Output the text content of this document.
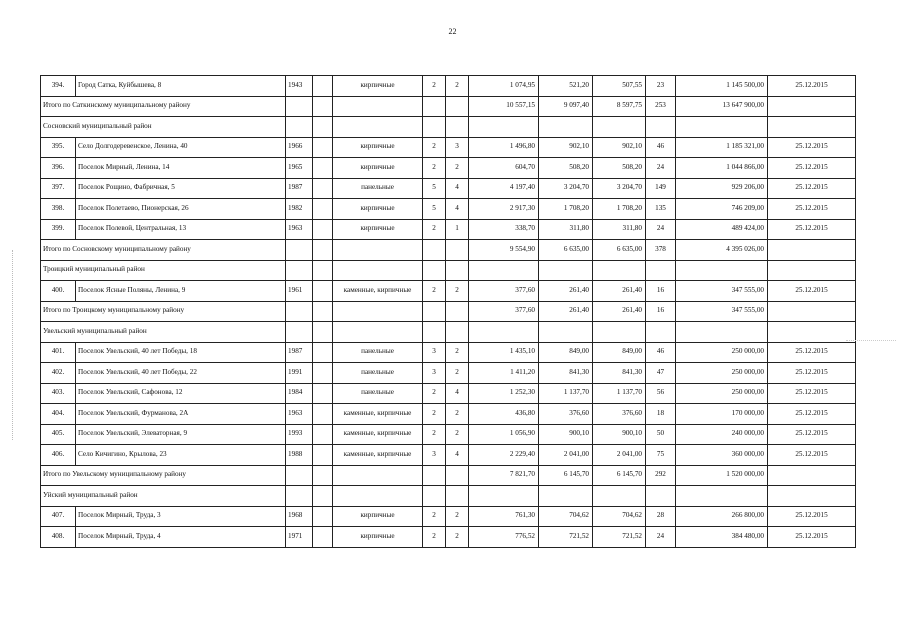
22
394.	Город Сатка, Куйбышева, 8	1943		кирпичные	2	2	1 074,95	521,20	507,55	23	1 145 500,00	25.12.2015
Итого по Саткинскому муниципальному району							10 557,15	9 097,40	8 597,75	253	13 647 900,00	
Сосновский муниципальный район												
395.	Село Долгодеревенское, Ленина, 40	1966		кирпичные	2	3	1 496,80	902,10	902,10	46	1 185 321,00	25.12.2015
396.	Поселок Мирный, Ленина, 14	1965		кирпичные	2	2	604,70	508,20	508,20	24	1 044 866,00	25.12.2015
397.	Поселок Рощино, Фабричная, 5	1987		панельные	5	4	4 197,40	3 204,70	3 204,70	149	929 206,00	25.12.2015
398.	Поселок Полетаево, Пионерская, 26	1982		кирпичные	5	4	2 917,30	1 708,20	1 708,20	135	746 209,00	25.12.2015
399.	Поселок Полевой, Центральная, 13	1963		кирпичные	2	1	338,70	311,80	311,80	24	489 424,00	25.12.2015
Итого по Сосновскому муниципальному району							9 554,90	6 635,00	6 635,00	378	4 395 026,00	
Троицкий муниципальный район												
400.	Поселок Ясные Поляны, Ленина, 9	1961		каменные, кирпичные	2	2	377,60	261,40	261,40	16	347 555,00	25.12.2015
Итого по Троицкому муниципальному району							377,60	261,40	261,40	16	347 555,00	
Увельский муниципальный район												
401.	Поселок Увельский, 40 лет Победы, 18	1987		панельные	3	2	1 435,10	849,00	849,00	46	250 000,00	25.12.2015
402.	Поселок Увельский, 40 лет Победы, 22	1991		панельные	3	2	1 411,20	841,30	841,30	47	250 000,00	25.12.2015
403.	Поселок Увельский, Сафонова, 12	1984		панельные	2	4	1 252,30	1 137,70	1 137,70	56	250 000,00	25.12.2015
404.	Поселок Увельский, Фурманова, 2А	1963		каменные, кирпичные	2	2	436,80	376,60	376,60	18	170 000,00	25.12.2015
405.	Поселок Увельский, Элеваторная, 9	1993		каменные, кирпичные	2	2	1 056,90	900,10	900,10	50	240 000,00	25.12.2015
406.	Село Кичигино, Крылова, 23	1988		каменные, кирпичные	3	4	2 229,40	2 041,00	2 041,00	75	360 000,00	25.12.2015
Итого по Увельскому муниципальному району							7 821,70	6 145,70	6 145,70	292	1 520 000,00	
Уйский муниципальный район												
407.	Поселок Мирный, Труда, 3	1968		кирпичные	2	2	761,30	704,62	704,62	28	266 800,00	25.12.2015
408.	Поселок Мирный, Труда, 4	1971		кирпичные	2	2	776,52	721,52	721,52	24	384 480,00	25.12.2015
